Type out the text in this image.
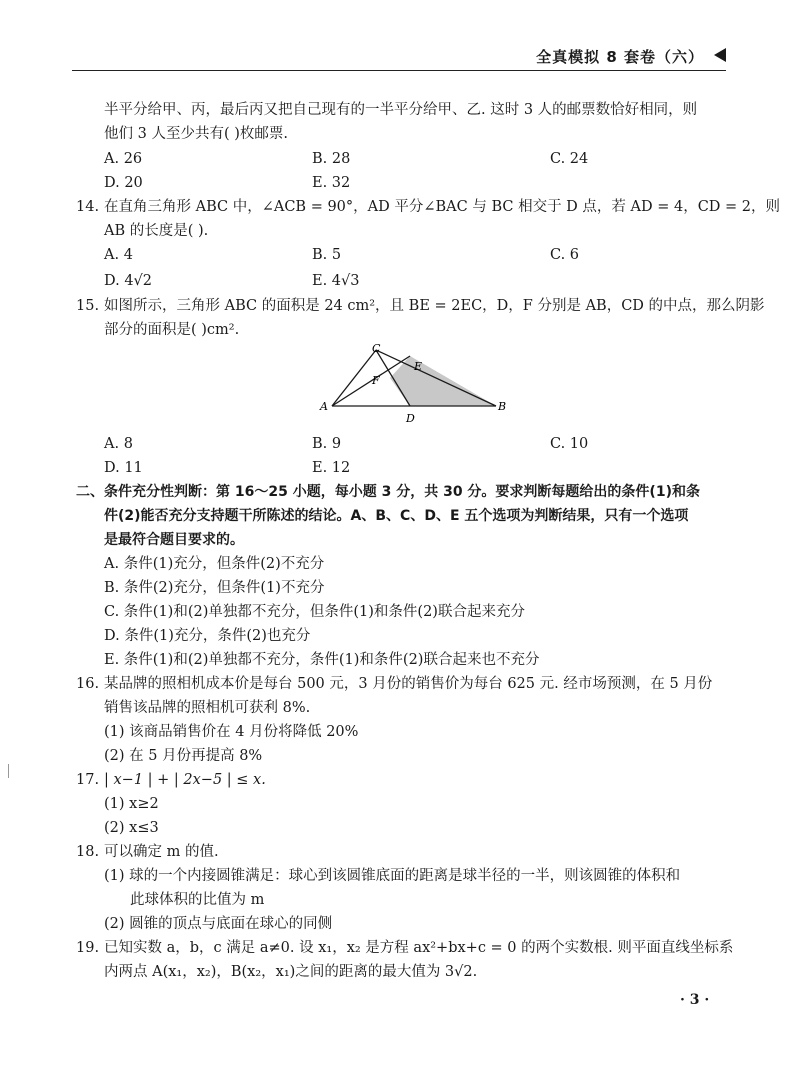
全真模拟 8 套卷（六）
半平分给甲、丙，最后丙又把自己现有的一半平分给甲、乙. 这时 3 人的邮票数恰好相同，则
他们 3 人至少共有( )枚邮票.
A. 26	B. 28	C. 24
D. 20	E. 32
14. 在直角三角形 ABC 中，∠ACB = 90°，AD 平分∠BAC 与 BC 相交于 D 点，若 AD = 4，CD = 2，则
AB 的长度是( ).
A. 4	B. 5	C. 6
D. 4√2	E. 4√3
15. 如图所示，三角形 ABC 的面积是 24 cm²，且 BE = 2EC，D，F 分别是 AB，CD 的中点，那么阴影
部分的面积是( )cm².
C
E
F
A
D
B
A. 8	B. 9	C. 10
D. 11	E. 12
二、条件充分性判断：第 16～25 小题，每小题 3 分，共 30 分。要求判断每题给出的条件(1)和条
件(2)能否充分支持题干所陈述的结论。A、B、C、D、E 五个选项为判断结果，只有一个选项
是最符合题目要求的。
A. 条件(1)充分，但条件(2)不充分
B. 条件(2)充分，但条件(1)不充分
C. 条件(1)和(2)单独都不充分，但条件(1)和条件(2)联合起来充分
D. 条件(1)充分，条件(2)也充分
E. 条件(1)和(2)单独都不充分，条件(1)和条件(2)联合起来也不充分
16. 某品牌的照相机成本价是每台 500 元，3 月份的销售价为每台 625 元. 经市场预测，在 5 月份
销售该品牌的照相机可获利 8%.
(1) 该商品销售价在 4 月份将降低 20%
(2) 在 5 月份再提高 8%
17. | x−1 | + | 2x−5 | ≤ x.
(1) x≥2
(2) x≤3
18. 可以确定 m 的值.
(1) 球的一个内接圆锥满足：球心到该圆锥底面的距离是球半径的一半，则该圆锥的体积和
此球体积的比值为 m
(2) 圆锥的顶点与底面在球心的同侧
19. 已知实数 a，b，c 满足 a≠0. 设 x₁，x₂ 是方程 ax²+bx+c = 0 的两个实数根. 则平面直线坐标系
内两点 A(x₁，x₂)，B(x₂，x₁)之间的距离的最大值为 3√2.
· 3 ·
